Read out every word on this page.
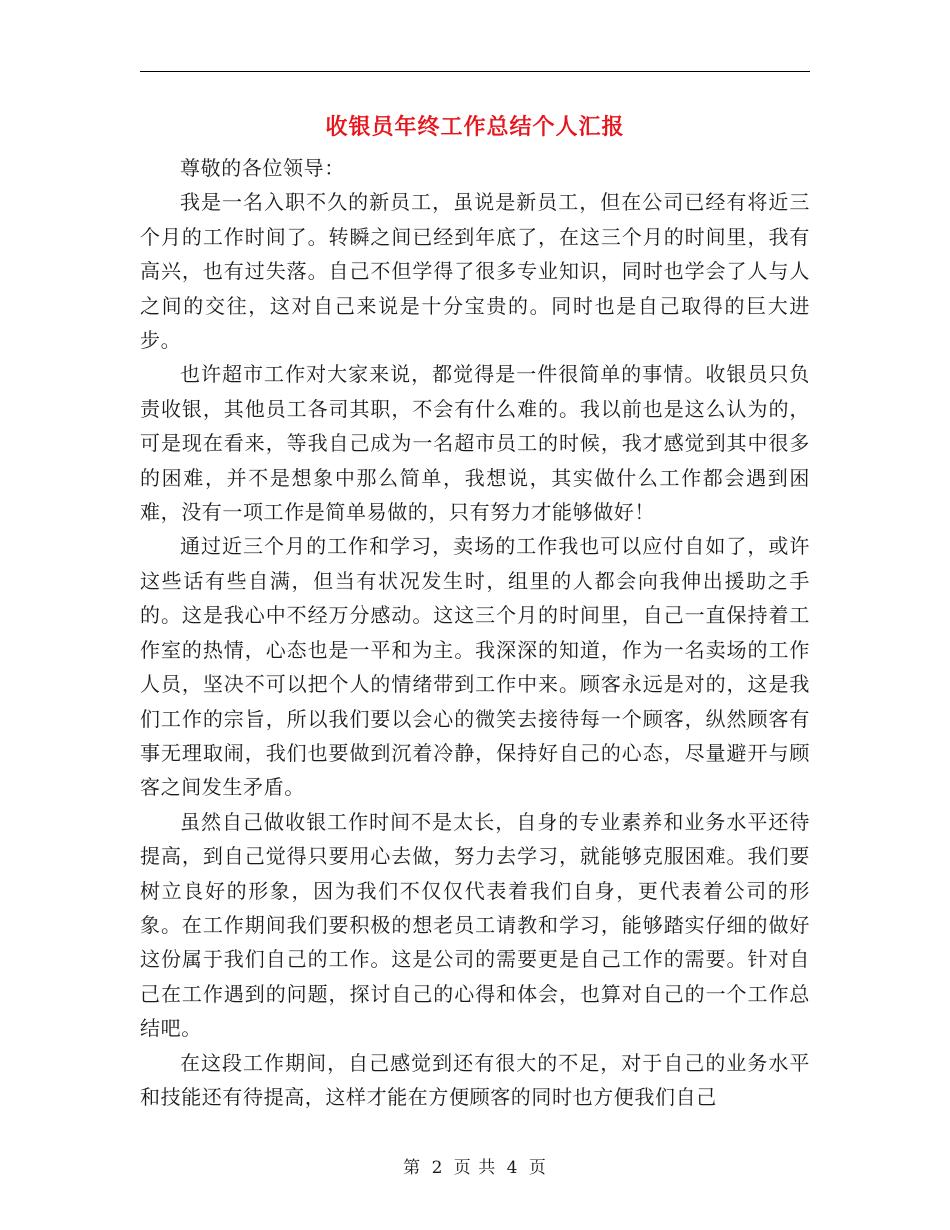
收银员年终工作总结个人汇报

尊敬的各位领导：

我是一名入职不久的新员工，虽说是新员工，但在公司已经有将近三个月的工作时间了。转瞬之间已经到年底了，在这三个月的时间里，我有高兴，也有过失落。自己不但学得了很多专业知识，同时也学会了人与人之间的交往，这对自己来说是十分宝贵的。同时也是自己取得的巨大进步。

也许超市工作对大家来说，都觉得是一件很简单的事情。收银员只负责收银，其他员工各司其职，不会有什么难的。我以前也是这么认为的，可是现在看来，等我自己成为一名超市员工的时候，我才感觉到其中很多的困难，并不是想象中那么简单，我想说，其实做什么工作都会遇到困难，没有一项工作是简单易做的，只有努力才能够做好！

通过近三个月的工作和学习，卖场的工作我也可以应付自如了，或许这些话有些自满，但当有状况发生时，组里的人都会向我伸出援助之手的。这是我心中不经万分感动。这这三个月的时间里，自己一直保持着工作室的热情，心态也是一平和为主。我深深的知道，作为一名卖场的工作人员，坚决不可以把个人的情绪带到工作中来。顾客永远是对的，这是我们工作的宗旨，所以我们要以会心的微笑去接待每一个顾客，纵然顾客有事无理取闹，我们也要做到沉着冷静，保持好自己的心态，尽量避开与顾客之间发生矛盾。

虽然自己做收银工作时间不是太长，自身的专业素养和业务水平还待提高，到自己觉得只要用心去做，努力去学习，就能够克服困难。我们要树立良好的形象，因为我们不仅仅代表着我们自身，更代表着公司的形象。在工作期间我们要积极的想老员工请教和学习，能够踏实仔细的做好这份属于我们自己的工作。这是公司的需要更是自己工作的需要。针对自己在工作遇到的问题，探讨自己的心得和体会，也算对自己的一个工作总结吧。

在这段工作期间，自己感觉到还有很大的不足，对于自己的业务水平和技能还有待提高，这样才能在方便顾客的同时也方便我们自己

第 2 页 共 4 页
